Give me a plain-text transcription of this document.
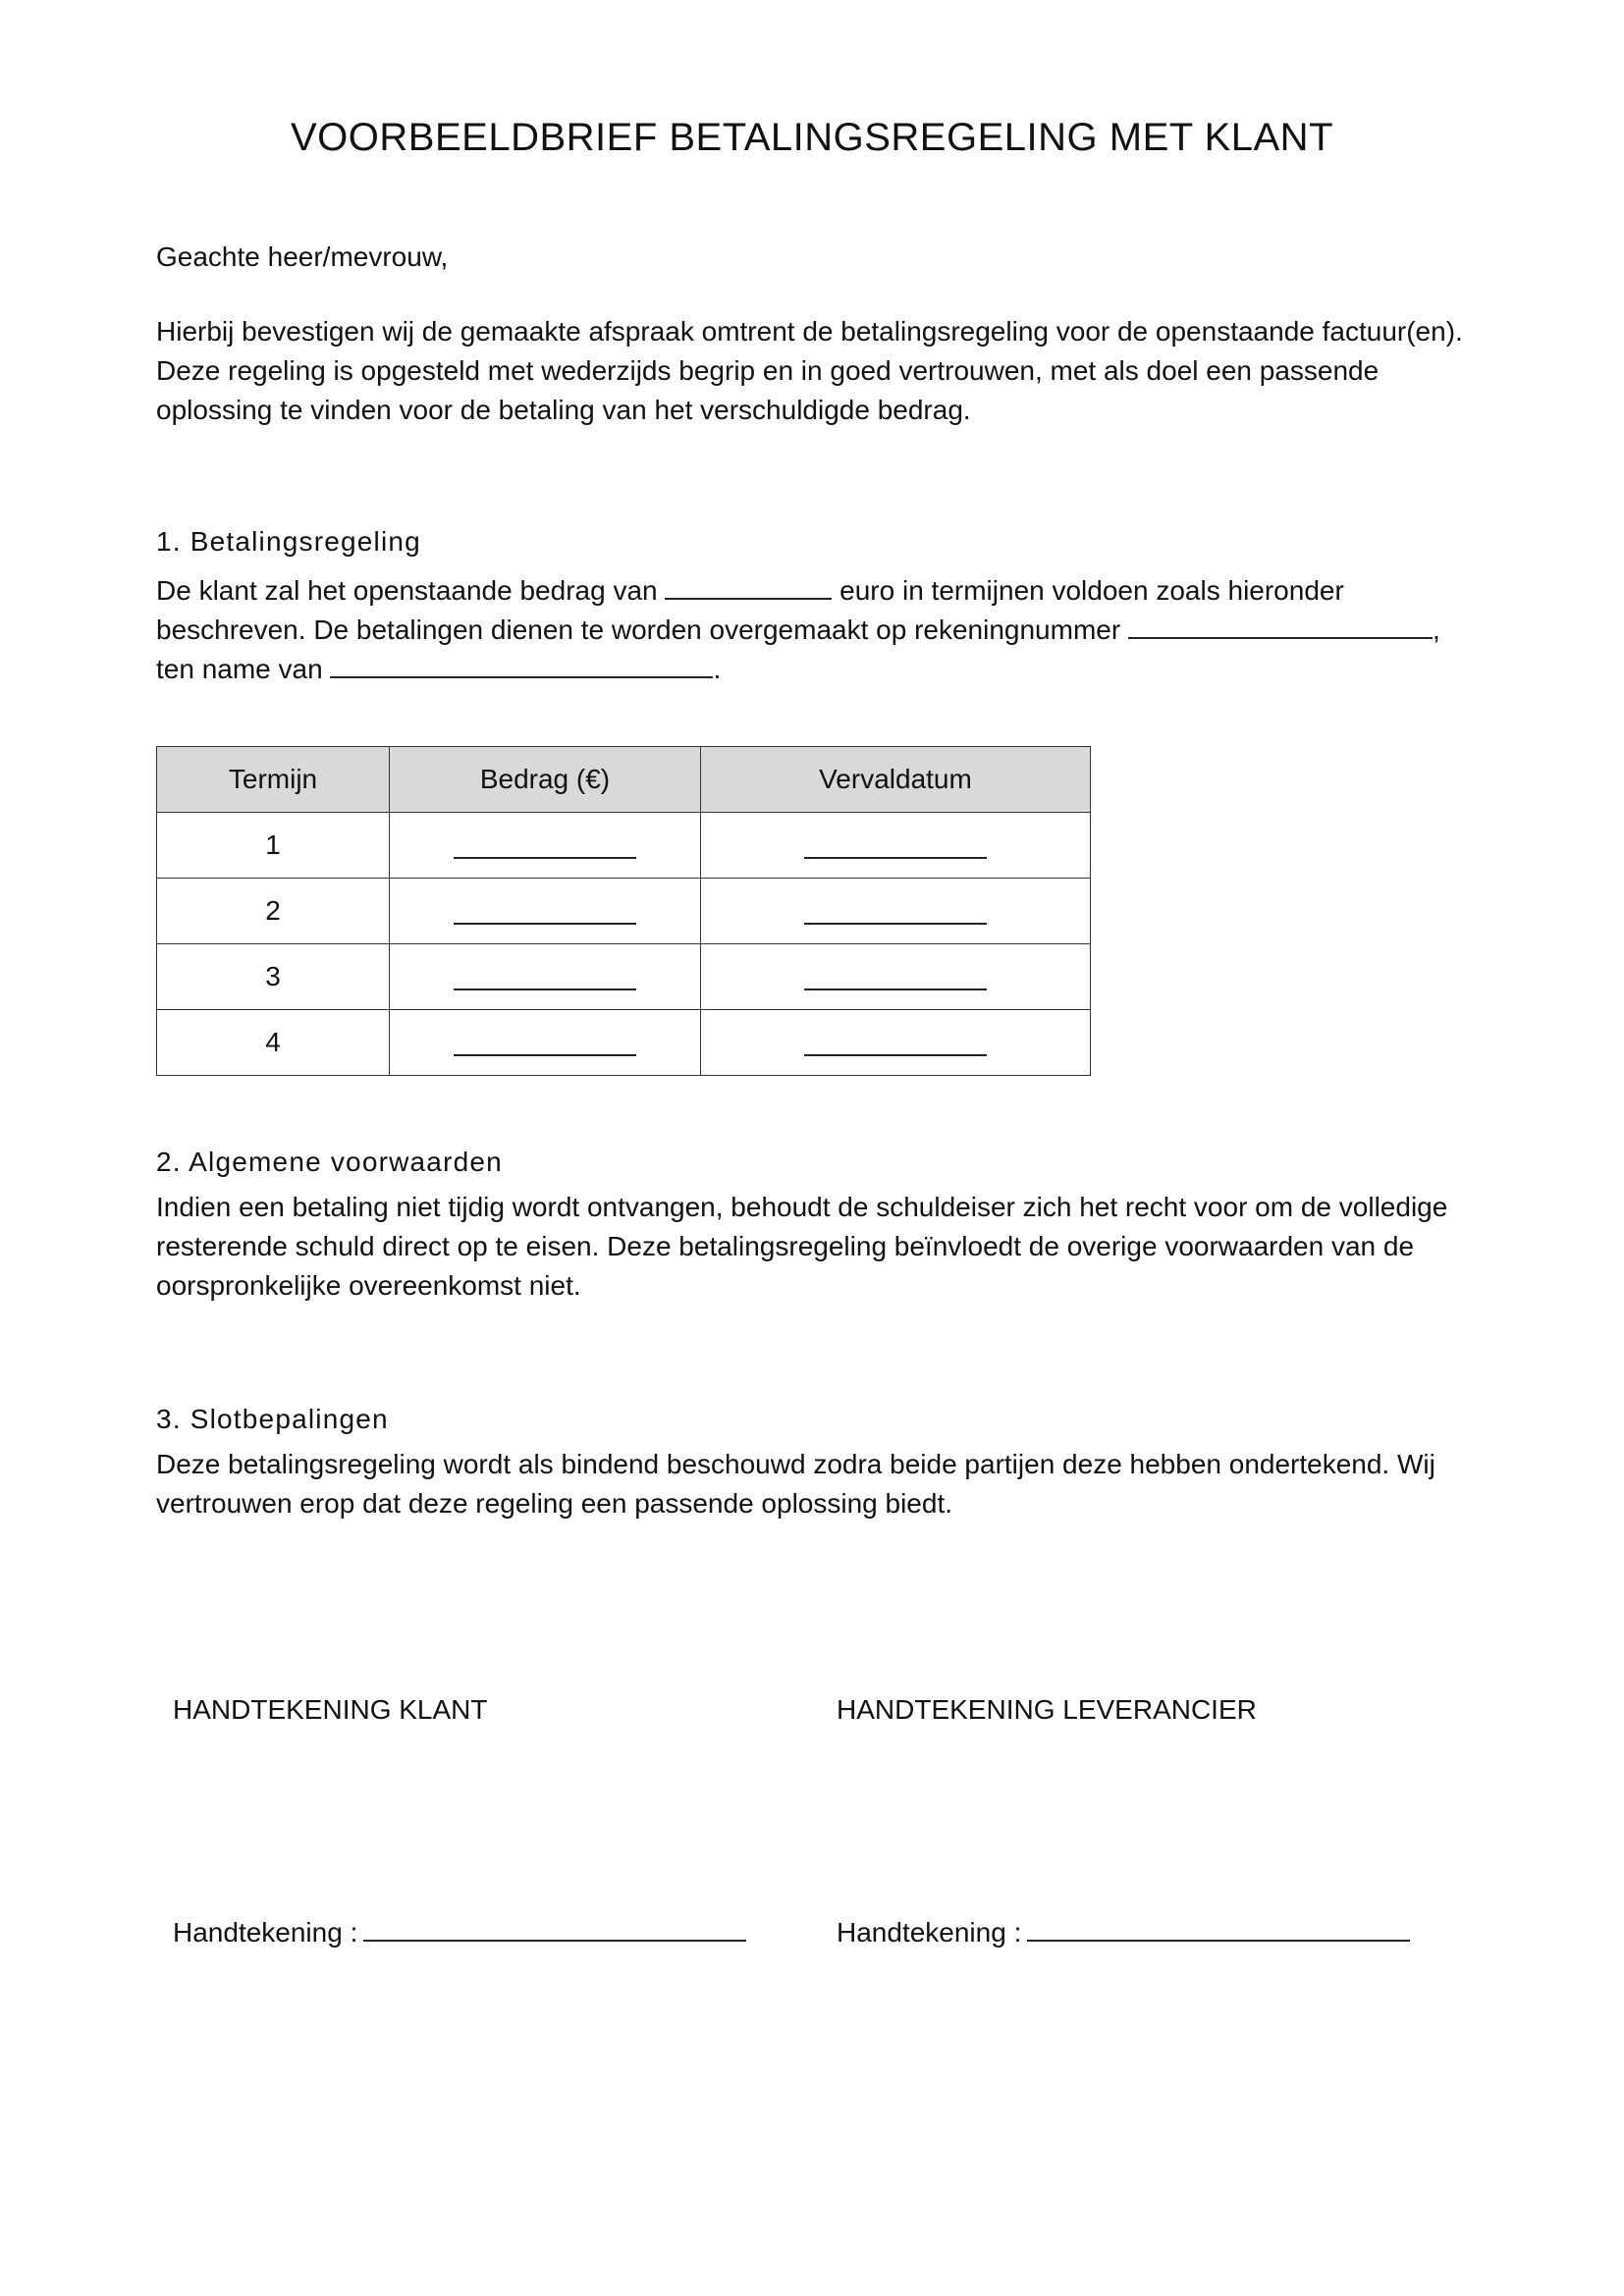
VOORBEELDBRIEF BETALINGSREGELING MET KLANT

Geachte heer/mevrouw,

Hierbij bevestigen wij de gemaakte afspraak omtrent de betalingsregeling voor de openstaande factuur(en). Deze regeling is opgesteld met wederzijds begrip en in goed vertrouwen, met als doel een passende oplossing te vinden voor de betaling van het verschuldigde bedrag.

1. Betalingsregeling

De klant zal het openstaande bedrag van	euro in termijnen voldoen zoals hieronder beschreven. De betalingen dienen te worden overgemaakt op rekeningnummer	,
ten name van	.

Termijn	Bedrag (€)	Vervaldatum
1		
2		
3		
4		
2. Algemene voorwaarden

Indien een betaling niet tijdig wordt ontvangen, behoudt de schuldeiser zich het recht voor om de volledige resterende schuld direct op te eisen. Deze betalingsregeling beïnvloedt de overige voorwaarden van de oorspronkelijke overeenkomst niet.

3. Slotbepalingen

Deze betalingsregeling wordt als bindend beschouwd zodra beide partijen deze hebben ondertekend. Wij vertrouwen erop dat deze regeling een passende oplossing biedt.

HANDTEKENING KLANT	HANDTEKENING LEVERANCIER

Handtekening :	Handtekening :
